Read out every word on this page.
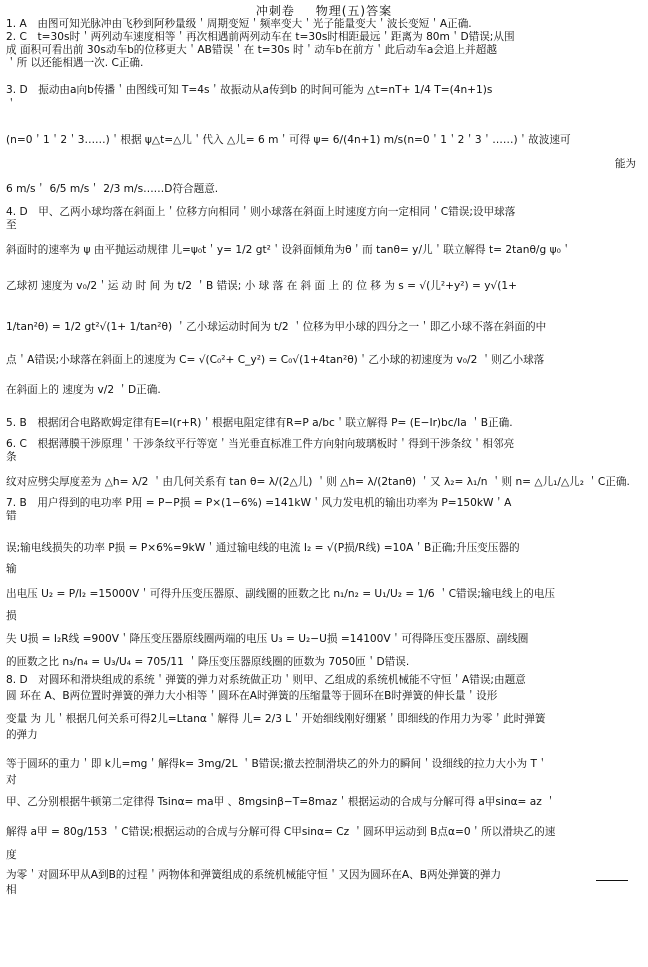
冲刺卷 物理(五)答案
1. A　由图可知光脉冲由飞秒到阿秒量级＇周期变短＇频率变大＇光子能量变大＇波长变短＇A正确.
2. C　t=30s时＇两列动车速度相等＇再次相遇前两列动车在 t=30s时相距最远＇距离为 80m＇D错误;从围
成 面积可看出前 30s动车b的位移更大＇AB错误＇在 t=30s 时＇动车b在前方＇此后动车a会追上并超越
＇所 以还能相遇一次. C正确.
3. D　振动由a向b传播＇由图线可知 T=4s＇故振动从a传到b 的时间可能为 △t=nT+ 1/4 T=(4n+1)s
＇
(n=0＇1＇2＇3……)＇根据 ψ△t=△儿＇代入 △儿= 6 m＇可得 ψ= 6/(4n+1) m/s(n=0＇1＇2＇3＇……)＇故波速可
能为
6 m/s＇ 6/5 m/s＇ 2/3 m/s……D符合题意.
4. D　甲、乙两小球均落在斜面上＇位移方向相同＇则小球落在斜面上时速度方向一定相同＇C错误;设甲球落
至
斜面时的速率为 ψ 由平抛运动规律 儿=ψ₀t＇y= 1/2 gt²＇设斜面倾角为θ＇而 tanθ= y/儿＇联立解得 t= 2tanθ/g ψ₀＇
乙球初 速度为 v₀/2＇运 动 时 间 为 t/2 ＇B 错误; 小 球 落 在 斜 面 上 的 位 移 为 s = √(儿²+y²) = y√(1+
1/tan²θ) = 1/2 gt²√(1+ 1/tan²θ) ＇乙小球运动时间为 t/2 ＇位移为甲小球的四分之一＇即乙小球不落在斜面的中
点＇A错误;小球落在斜面上的速度为 C= √(C₀²+ C_y²) = C₀√(1+4tan²θ)＇乙小球的初速度为 v₀/2 ＇则乙小球落
在斜面上的 速度为 v/2 ＇D正确.
5. B　根据闭合电路欧姆定律有E=I(r+R)＇根据电阻定律有R=P a/bc＇联立解得 P= (E−Ir)bc/Ia ＇B正确.
6. C　根据薄膜干涉原理＇干涉条纹平行等宽＇当光垂直标准工件方向射向玻璃板时＇得到干涉条纹＇相邻亮
条
纹对应劈尖厚度差为 △h= λ/2 ＇由几何关系有 tan θ= λ/(2△儿) ＇则 △h= λ/(2tanθ) ＇又 λ₂= λ₁/n ＇则 n= △儿₁/△儿₂ ＇C正确.
7. B　用户得到的电功率 P用 = P−P损 = P×(1−6%) =141kW＇风力发电机的输出功率为 P=150kW＇A
错
误;输电线损失的功率 P损 = P×6%=9kW＇通过输电线的电流 I₂ = √(P损/R线) =10A＇B正确;升压变压器的
输
出电压 U₂ = P/I₂ =15000V＇可得升压变压器原、副线圈的匝数之比 n₁/n₂ = U₁/U₂ = 1/6 ＇C错误;输电线上的电压
损
失 U损 = I₂R线 =900V＇降压变压器原线圈两端的电压 U₃ = U₂−U损 =14100V＇可得降压变压器原、副线圈
的匝数之比 n₃/n₄ = U₃/U₄ = 705/11 ＇降压变压器原线圈的匝数为 7050匝＇D错误.
8. D　对圆环和滑块组成的系统＇弹簧的弹力对系统做正功＇则甲、乙组成的系统机械能不守恒＇A错误;由题意
圆 环在 A、B两位置时弹簧的弹力大小相等＇圆环在A时弹簧的压缩量等于圆环在B时弹簧的伸长量＇设形
变量 为 儿＇根据几何关系可得2儿=Ltanα＇解得 儿= 2/3 L＇开始细线刚好绷紧＇即细线的作用力为零＇此时弹簧
的弹力
等于圆环的重力＇即 k儿=mg＇解得k= 3mg/2L ＇B错误;撤去控制滑块乙的外力的瞬间＇设细线的拉力大小为 T＇
对
甲、乙分别根据牛顿第二定律得 Tsinα= ma甲 、8mgsinβ−T=8maz＇根据运动的合成与分解可得 a甲sinα= az ＇
解得 a甲 = 80g/153 ＇C错误;根据运动的合成与分解可得 C甲sinα= Cz ＇圆环甲运动到 B点α=0＇所以滑块乙的速
度
为零＇对圆环甲从A到B的过程＇两物体和弹簧组成的系统机械能守恒＇又因为圆环在A、B两处弹簧的弹力
相
